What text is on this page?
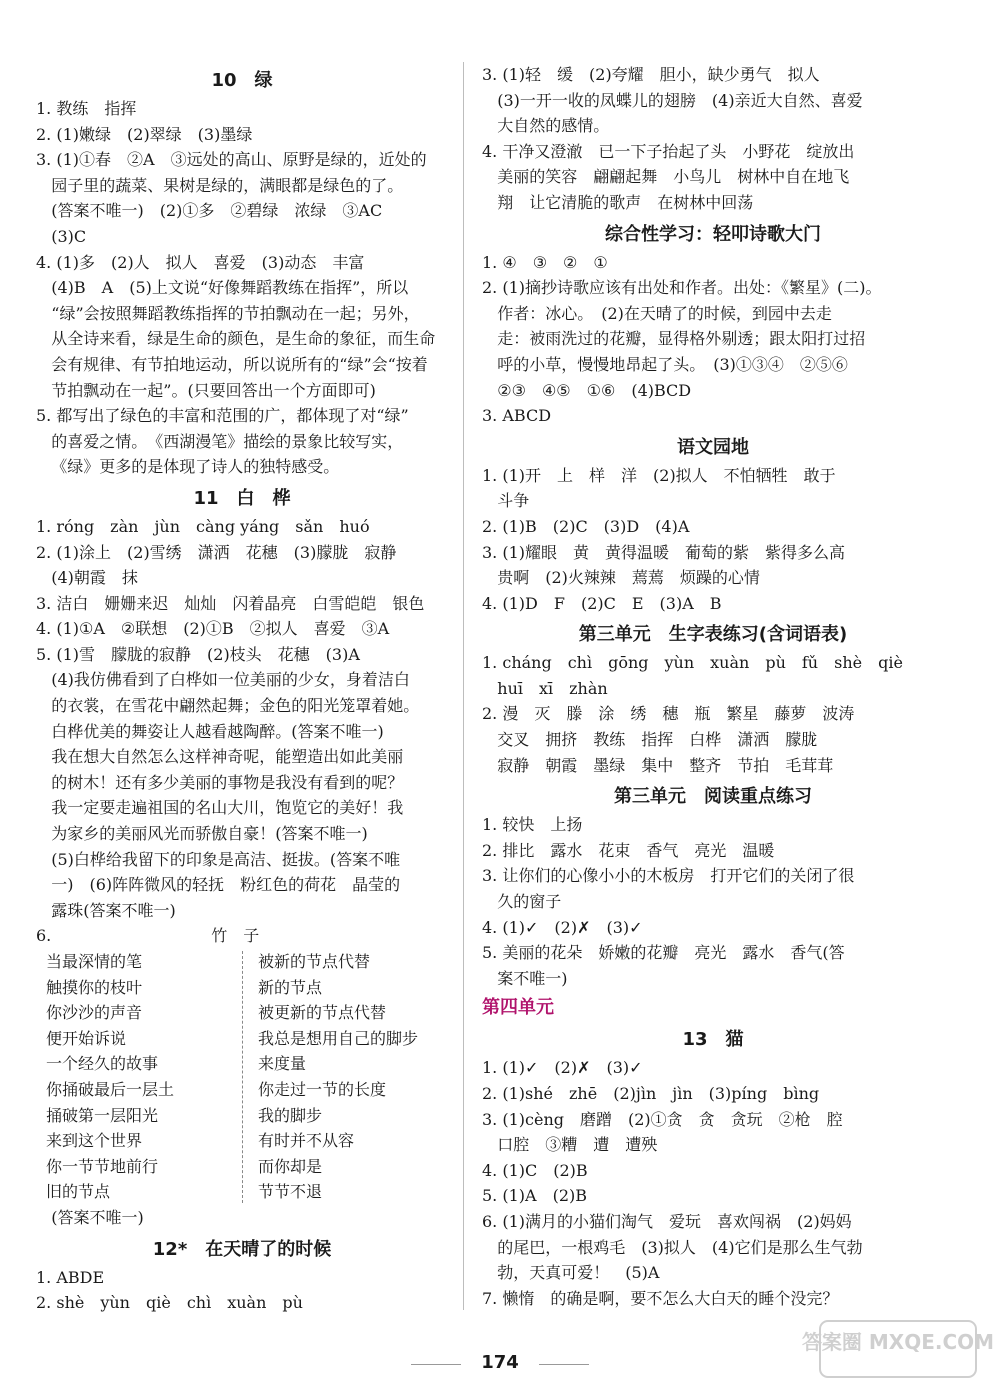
10　绿
1. 教练　指挥
2. (1)嫩绿　(2)翠绿　(3)墨绿
3. (1)①春　②A　③远处的高山、原野是绿的，近处的
园子里的蔬菜、果树是绿的，满眼都是绿色的了。
(答案不唯一)　(2)①多　②碧绿　浓绿　③AC
(3)C
4. (1)多　(2)人　拟人　喜爱　(3)动态　丰富
(4)B　A　(5)上文说“好像舞蹈教练在指挥”，所以
“绿”会按照舞蹈教练指挥的节拍飘动在一起；另外，
从全诗来看，绿是生命的颜色，是生命的象征，而生命
会有规律、有节拍地运动，所以说所有的“绿”会“按着
节拍飘动在一起”。(只要回答出一个方面即可)
5. 都写出了绿色的丰富和范围的广，都体现了对“绿”
的喜爱之情。　《西湖漫笔》描绘的景象比较写实，
《绿》更多的是体现了诗人的独特感受。
11　白　桦
1. róng　zàn　jùn　càng yáng　sǎn　huó
2. (1)涂上　(2)雪绣　潇洒　花穗　(3)朦胧　寂静
(4)朝霞　抹
3. 洁白　姗姗来迟　灿灿　闪着晶亮　白雪皑皑　银色
4. (1)①A　②联想　(2)①B　②拟人　喜爱　③A
5. (1)雪　朦胧的寂静　(2)枝头　花穗　(3)A
(4)我仿佛看到了白桦如一位美丽的少女，身着洁白
的衣裳，在雪花中翩然起舞；金色的阳光笼罩着她。
白桦优美的舞姿让人越看越陶醉。(答案不唯一)
我在想大自然怎么这样神奇呢，能塑造出如此美丽
的树木！还有多少美丽的事物是我没有看到的呢？
我一定要走遍祖国的名山大川，饱览它的美好！我
为家乡的美丽风光而骄傲自豪！(答案不唯一)
(5)白桦给我留下的印象是高洁、挺拔。(答案不唯
一)　(6)阵阵微风的轻抚　粉红色的荷花　晶莹的
露珠(答案不唯一)
6.　　　　　　　　　　竹　子
当最深情的笔
触摸你的枝叶
你沙沙的声音
便开始诉说
一个经久的故事
你捅破最后一层土
捅破第一层阳光
来到这个世界
你一节节地前行
旧的节点
被新的节点代替
新的节点
被更新的节点代替
我总是想用自己的脚步
来度量
你走过一节的长度
我的脚步
有时并不从容
而你却是
节节不退
(答案不唯一)
12*　在天晴了的时候
1. ABDE
2. shè　yùn　qiè　chì　xuàn　pù
3. (1)轻　缓　(2)夸耀　胆小，缺少勇气　拟人
(3)一开一收的凤蝶儿的翅膀　(4)亲近大自然、喜爱
大自然的感情。
4. 干净又澄澈　已一下子抬起了头　小野花　绽放出
美丽的笑容　翩翩起舞　小鸟儿　树林中自在地飞
翔　让它清脆的歌声　在树林中回荡
综合性学习：轻叩诗歌大门
1. ④　③　②　①
2. (1)摘抄诗歌应该有出处和作者。出处：《繁星》(二)。
作者：冰心。　(2)在天晴了的时候，到园中去走
走：被雨洗过的花瓣，显得格外剔透；跟太阳打过招
呼的小草，慢慢地昂起了头。　(3)①③④　②⑤⑥
②③　④⑤　①⑥　(4)BCD
3. ABCD
语文园地
1. (1)开　上　样　洋　(2)拟人　不怕牺牲　敢于
斗争
2. (1)B　(2)C　(3)D　(4)A
3. (1)耀眼　黄　黄得温暖　葡萄的紫　紫得多么高
贵啊　(2)火辣辣　蔫蔫　烦躁的心情
4. (1)D　F　(2)C　E　(3)A　B
第三单元　生字表练习(含词语表)
1. cháng　chì　gōng　yùn　xuàn　pù　fǔ　shè　qiè
huī　xī　zhàn
2. 漫　灭　滕　涂　绣　穗　瓶　繁星　藤萝　波涛
交叉　拥挤　教练　指挥　白桦　潇洒　朦胧
寂静　朝霞　墨绿　集中　整齐　节拍　毛茸茸
第三单元　阅读重点练习
1. 较快　上扬
2. 排比　露水　花束　香气　亮光　温暖
3. 让你们的心像小小的木板房　打开它们的关闭了很
久的窗子
4. (1)✓　(2)✗　(3)✓
5. 美丽的花朵　娇嫩的花瓣　亮光　露水　香气(答
案不唯一)
第四单元
13　猫
1. (1)✓　(2)✗　(3)✓
2. (1)shé　zhē　(2)jìn　jìn　(3)píng　bìng
3. (1)cèng　磨蹭　(2)①贪　贪　贪玩　②枪　腔
口腔　③糟　遭　遭殃
4. (1)C　(2)B
5. (1)A　(2)B
6. (1)满月的小猫们淘气　爱玩　喜欢闯祸　(2)妈妈
的尾巴，一根鸡毛　(3)拟人　(4)它们是那么生气勃
勃，天真可爱！　(5)A
7. 懒惰　的确是啊，要不怎么大白天的睡个没完？
174
答案圈 MXQE.COM
